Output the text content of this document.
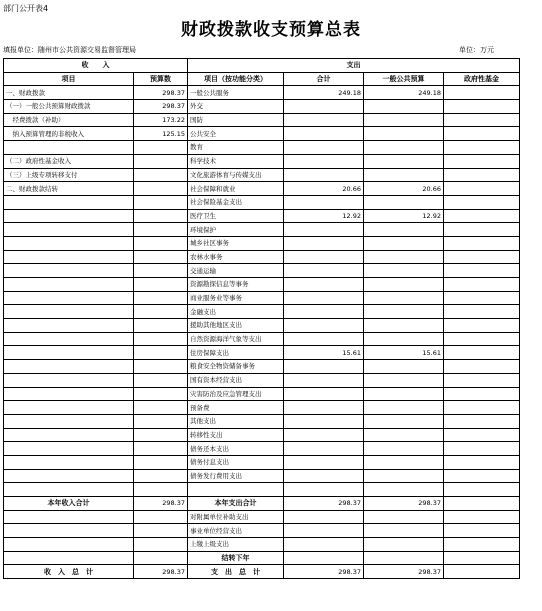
部门公开表4
财政拨款收支预算总表
填报单位：随州市公共资源交易监督管理局	单位：万元
收　　入		支出			
项目	预算数	项目（按功能分类）	合计	一般公共预算	政府性基金
一、财政拨款	298.37	一般公共服务	249.18	249.18	
（一）一般公共预算财政拨款	298.37	外交			
　经费拨款（补助）	173.22	国防			
　纳入预算管理的非税收入	125.15	公共安全			
		教育			
（二）政府性基金收入		科学技术			
（三）上级专项转移支付		文化旅游体育与传媒支出			
二、财政拨款结转		社会保障和就业	20.66	20.66	
		社会保险基金支出			
		医疗卫生	12.92	12.92	
		环境保护			
		城乡社区事务			
		农林水事务			
		交通运输			
		资源勘探信息等事务			
		商业服务业等事务			
		金融支出			
		援助其他地区支出			
		自然资源海洋气象等支出			
		住房保障支出	15.61	15.61	
		粮食安全物资储备事务			
		国有资本经营支出			
		灾害防治及应急管理支出			
		预备费			
		其他支出			
		转移性支出			
		债务还本支出			
		债务付息支出			
		债务发行费用支出			

本年收入合计	298.37	本年支出合计	298.37	298.37	
		对附属单位补助支出			
		事业单位经营支出			
		上缴上级支出			
		结转下年			
收　入　总　计	298.37	支　出　总　计	298.37	298.37	
